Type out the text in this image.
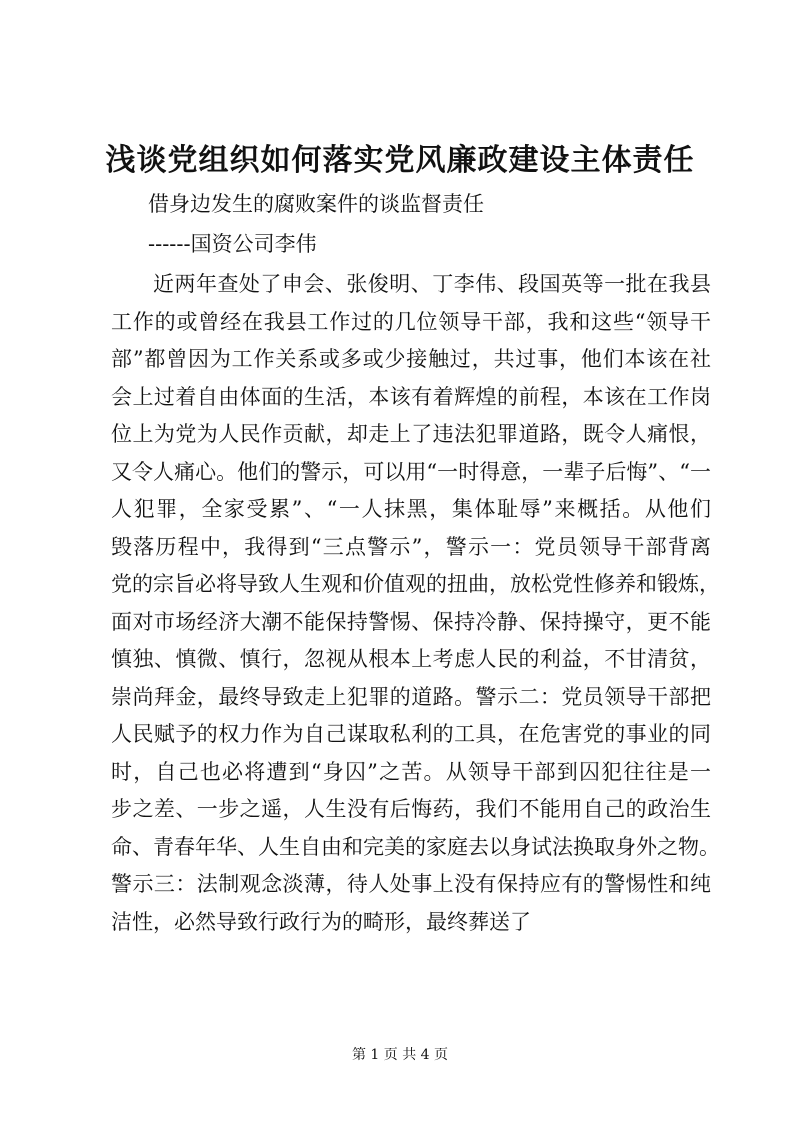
浅谈党组织如何落实党风廉政建设主体责任

借身边发生的腐败案件的谈监督责任

------国资公司李伟

近两年查处了申会、张俊明、丁李伟、段国英等一批在我县
工作的或曾经在我县工作过的几位领导干部，我和这些“领导干
部”都曾因为工作关系或多或少接触过，共过事，他们本该在社
会上过着自由体面的生活，本该有着辉煌的前程，本该在工作岗
位上为党为人民作贡献，却走上了违法犯罪道路，既令人痛恨，
又令人痛心。他们的警示，可以用“一时得意，一辈子后悔”、“一
人犯罪，全家受累”、“一人抹黑，集体耻辱”来概括。从他们
毁落历程中，我得到“三点警示”，警示一：党员领导干部背离
党的宗旨必将导致人生观和价值观的扭曲，放松党性修养和锻炼，
面对市场经济大潮不能保持警惕、保持冷静、保持操守，更不能
慎独、慎微、慎行，忽视从根本上考虑人民的利益，不甘清贫，
崇尚拜金，最终导致走上犯罪的道路。警示二：党员领导干部把
人民赋予的权力作为自己谋取私利的工具，在危害党的事业的同
时，自己也必将遭到“身囚”之苦。从领导干部到囚犯往往是一
步之差、一步之遥，人生没有后悔药，我们不能用自己的政治生
命、青春年华、人生自由和完美的家庭去以身试法换取身外之物。
警示三：法制观念淡薄，待人处事上没有保持应有的警惕性和纯
洁性，必然导致行政行为的畸形，最终葬送了

第 1 页 共 4 页
